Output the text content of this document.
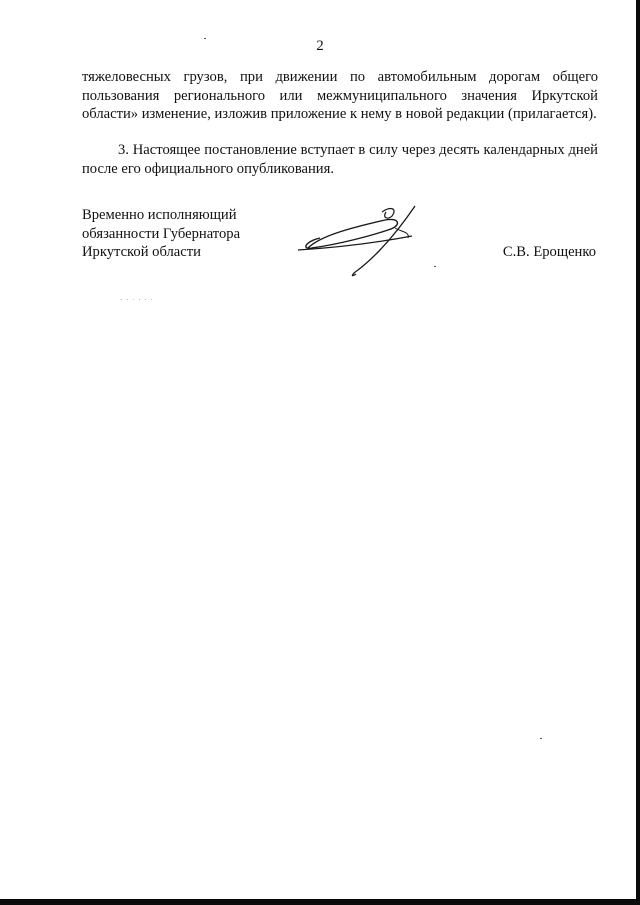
2
тяжеловесных грузов, при движении по автомобильным дорогам общего пользования регионального или межмуниципального значения Иркутской области» изменение, изложив приложение к нему в новой редакции (прилагается).
3. Настоящее постановление вступает в силу через десять календарных дней после его официального опубликования.
Временно исполняющий
обязанности Губернатора
Иркутской области	С.В. Ерощенко
· · · · · ·
